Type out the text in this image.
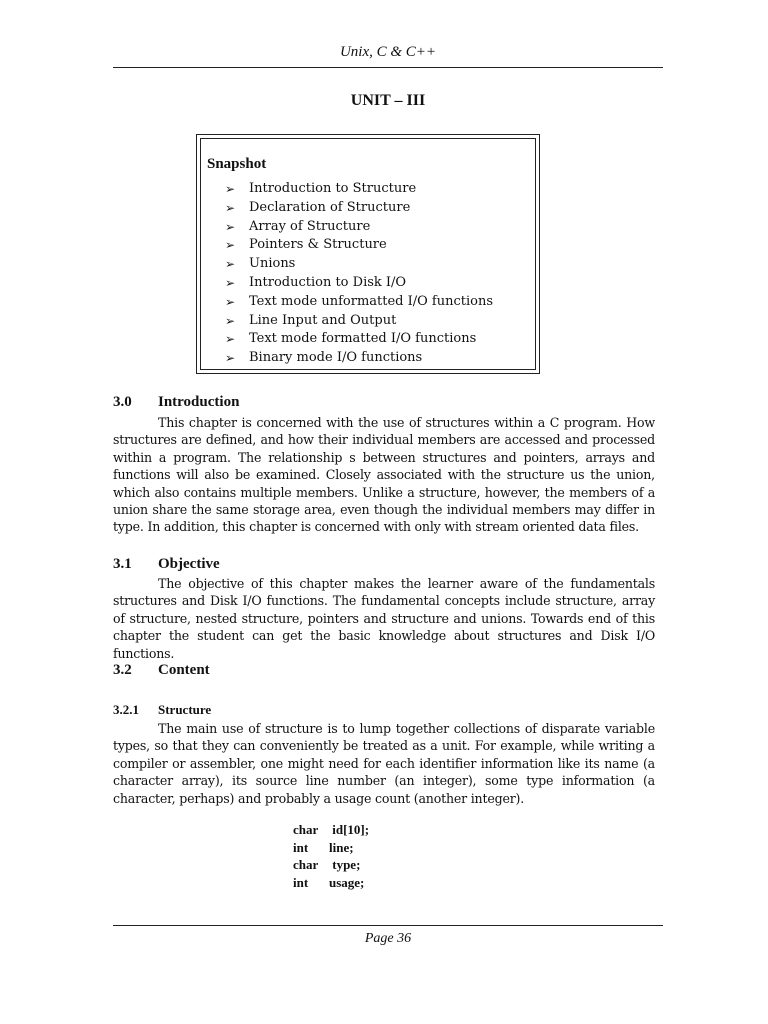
Unix, C & C++
UNIT – III
Snapshot
➢	Introduction to Structure
➢	Declaration of Structure
➢	Array of Structure
➢	Pointers & Structure
➢	Unions
➢	Introduction to Disk I/O
➢	Text mode unformatted I/O functions
➢	Line Input and Output
➢	Text mode formatted I/O functions
➢	Binary mode I/O functions
3.0 Introduction

This chapter is concerned with the use of structures within a C program. How structures are defined, and how their individual members are accessed and processed within a program. The relationship s between structures and pointers, arrays and functions will also be examined. Closely associated with the structure us the union, which also contains multiple members. Unlike a structure, however, the members of a union share the same storage area, even though the individual members may differ in type. In addition, this chapter is concerned with only with stream oriented data files.

3.1 Objective

The objective of this chapter makes the learner aware of the fundamentals structures and Disk I/O functions. The fundamental concepts include structure, array of structure, nested structure, pointers and structure and unions. Towards end of this chapter the student can get the basic knowledge about structures and Disk I/O functions.

3.2 Content
3.2.1 Structure

The main use of structure is to lump together collections of disparate variable types, so that they can conveniently be treated as a unit. For example, while writing a compiler or assembler, one might need for each identifier information like its name (a character array), its source line number (an integer), some type information (a character, perhaps) and probably a usage count (another integer).

char id[10];
int line;
char type;
int usage;
Page 36
